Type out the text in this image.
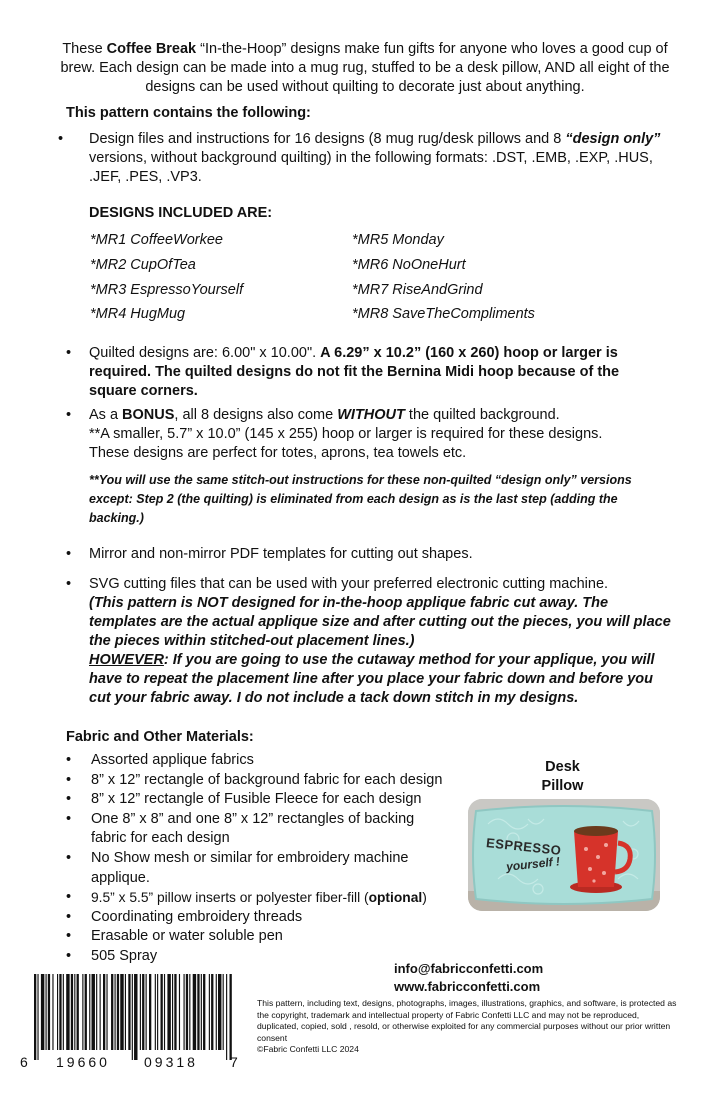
These Coffee Break “In-the-Hoop” designs make fun gifts for anyone who loves a good cup of brew. Each design can be made into a mug rug, stuffed to be a desk pillow, AND all eight of the designs can be used without quilting to decorate just about anything.
This pattern contains the following:
• Design files and instructions for 16 designs (8 mug rug/desk pillows and 8 “design only” versions, without background quilting) in the following formats: .DST, .EMB, .EXP, .HUS, .JEF, .PES, .VP3.
DESIGNS INCLUDED ARE:
*MR1 CoffeeWorkee
*MR2 CupOfTea
*MR3 EspressoYourself
*MR4 HugMug
*MR5 Monday
*MR6 NoOneHurt
*MR7 RiseAndGrind
*MR8 SaveTheCompliments
• Quilted designs are: 6.00" x 10.00". A 6.29” x 10.2” (160 x 260) hoop or larger is required. The quilted designs do not fit the Bernina Midi hoop because of the square corners.
• As a BONUS, all 8 designs also come WITHOUT the quilted background.
**A smaller, 5.7” x 10.0” (145 x 255) hoop or larger is required for these designs.
These designs are perfect for totes, aprons, tea towels etc.
**You will use the same stitch-out instructions for these non-quilted “design only” versions except: Step 2 (the quilting) is eliminated from each design as is the last step (adding the backing.)
• Mirror and non-mirror PDF templates for cutting out shapes.
• SVG cutting files that can be used with your preferred electronic cutting machine.
(This pattern is NOT designed for in-the-hoop applique fabric cut away. The templates are the actual applique size and after cutting out the pieces, you will place the pieces within stitched-out placement lines.)
HOWEVER: If you are going to use the cutaway method for your applique, you will have to repeat the placement line after you place your fabric down and before you cut your fabric away. I do not include a tack down stitch in my designs.
Fabric and Other Materials:
• Assorted applique fabrics
• 8” x 12” rectangle of background fabric for each design
• 8” x 12” rectangle of Fusible Fleece for each design
• One 8” x 8” and one 8” x 12” rectangles of backing fabric for each design
• No Show mesh or similar for embroidery machine applique.
• 9.5” x 5.5” pillow inserts or polyester fiber-fill (optional)
• Coordinating embroidery threads
• Erasable or water soluble pen
• 505 Spray
Desk
Pillow
ESPRESSO
yourself !
info@fabricconfetti.com
www.fabricconfetti.com
This pattern, including text, designs, photographs, images, illustrations, graphics, and software, is protected as the copyright, trademark and intellectual property of Fabric Confetti LLC and may not be reproduced, duplicated, copied, sold , resold, or otherwise exploited for any commercial purposes without our prior written consent
©Fabric Confetti LLC 2024
6 19660 09318 7
